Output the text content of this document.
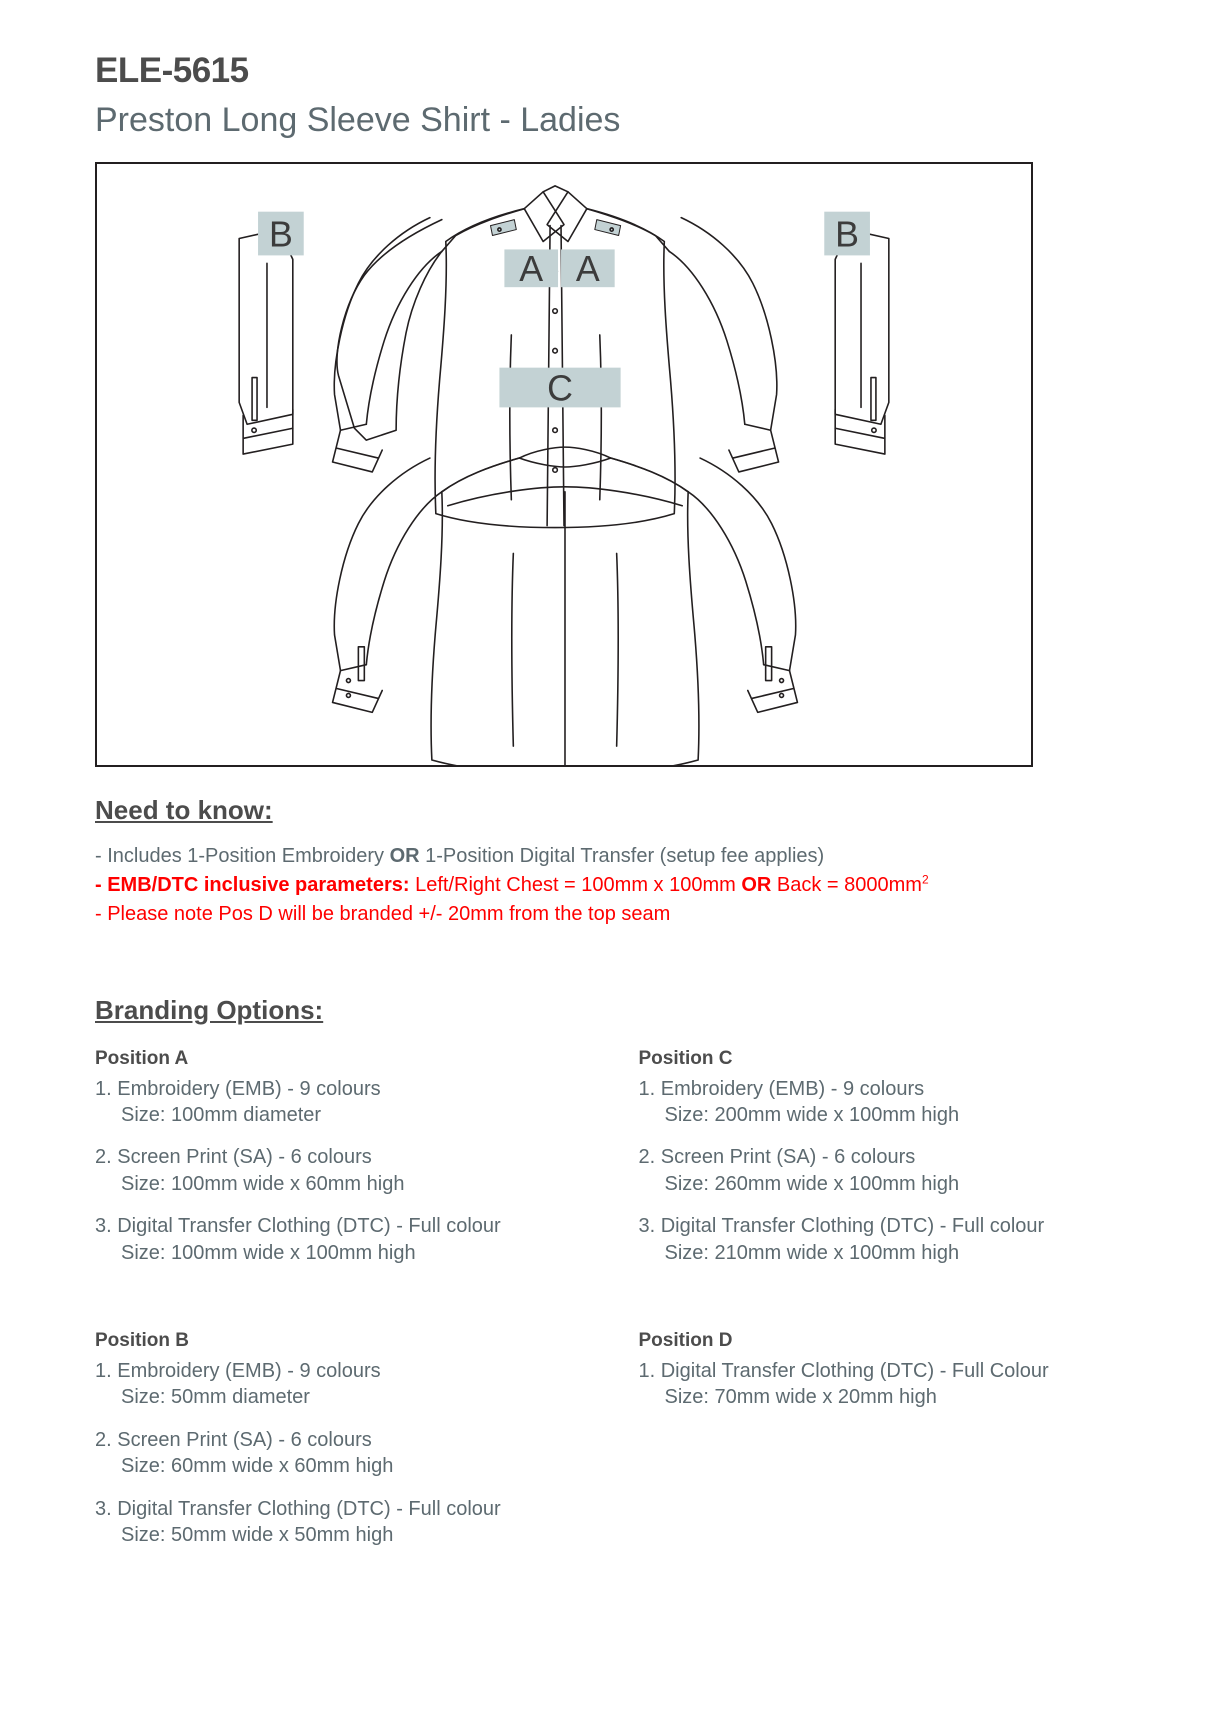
ELE-5615
Preston Long Sleeve Shirt - Ladies
A A
C
B	B
Need to know:
- Includes 1-Position Embroidery OR 1-Position Digital Transfer (setup fee applies)
- EMB/DTC inclusive parameters: Left/Right Chest = 100mm x 100mm OR Back = $8000mm^2$
- Please note Pos D will be branded +/- 20mm from the top seam
Branding Options:
Position A
1. Embroidery (EMB) - 9 colours
Size: 100mm diameter
2. Screen Print (SA) - 6 colours
Size: 100mm wide x 60mm high
3. Digital Transfer Clothing (DTC) - Full colour
Size: 100mm wide x 100mm high
Position B
1. Embroidery (EMB) - 9 colours
Size: 50mm diameter
2. Screen Print (SA) - 6 colours
Size: 60mm wide x 60mm high
3. Digital Transfer Clothing (DTC) - Full colour
Size: 50mm wide x 50mm high
Position C
1. Embroidery (EMB) - 9 colours
Size: 200mm wide x 100mm high
2. Screen Print (SA) - 6 colours
Size: 260mm wide x 100mm high
3. Digital Transfer Clothing (DTC) - Full colour
Size: 210mm wide x 100mm high
Position D
1. Digital Transfer Clothing (DTC) - Full Colour
Size: 70mm wide x 20mm high
